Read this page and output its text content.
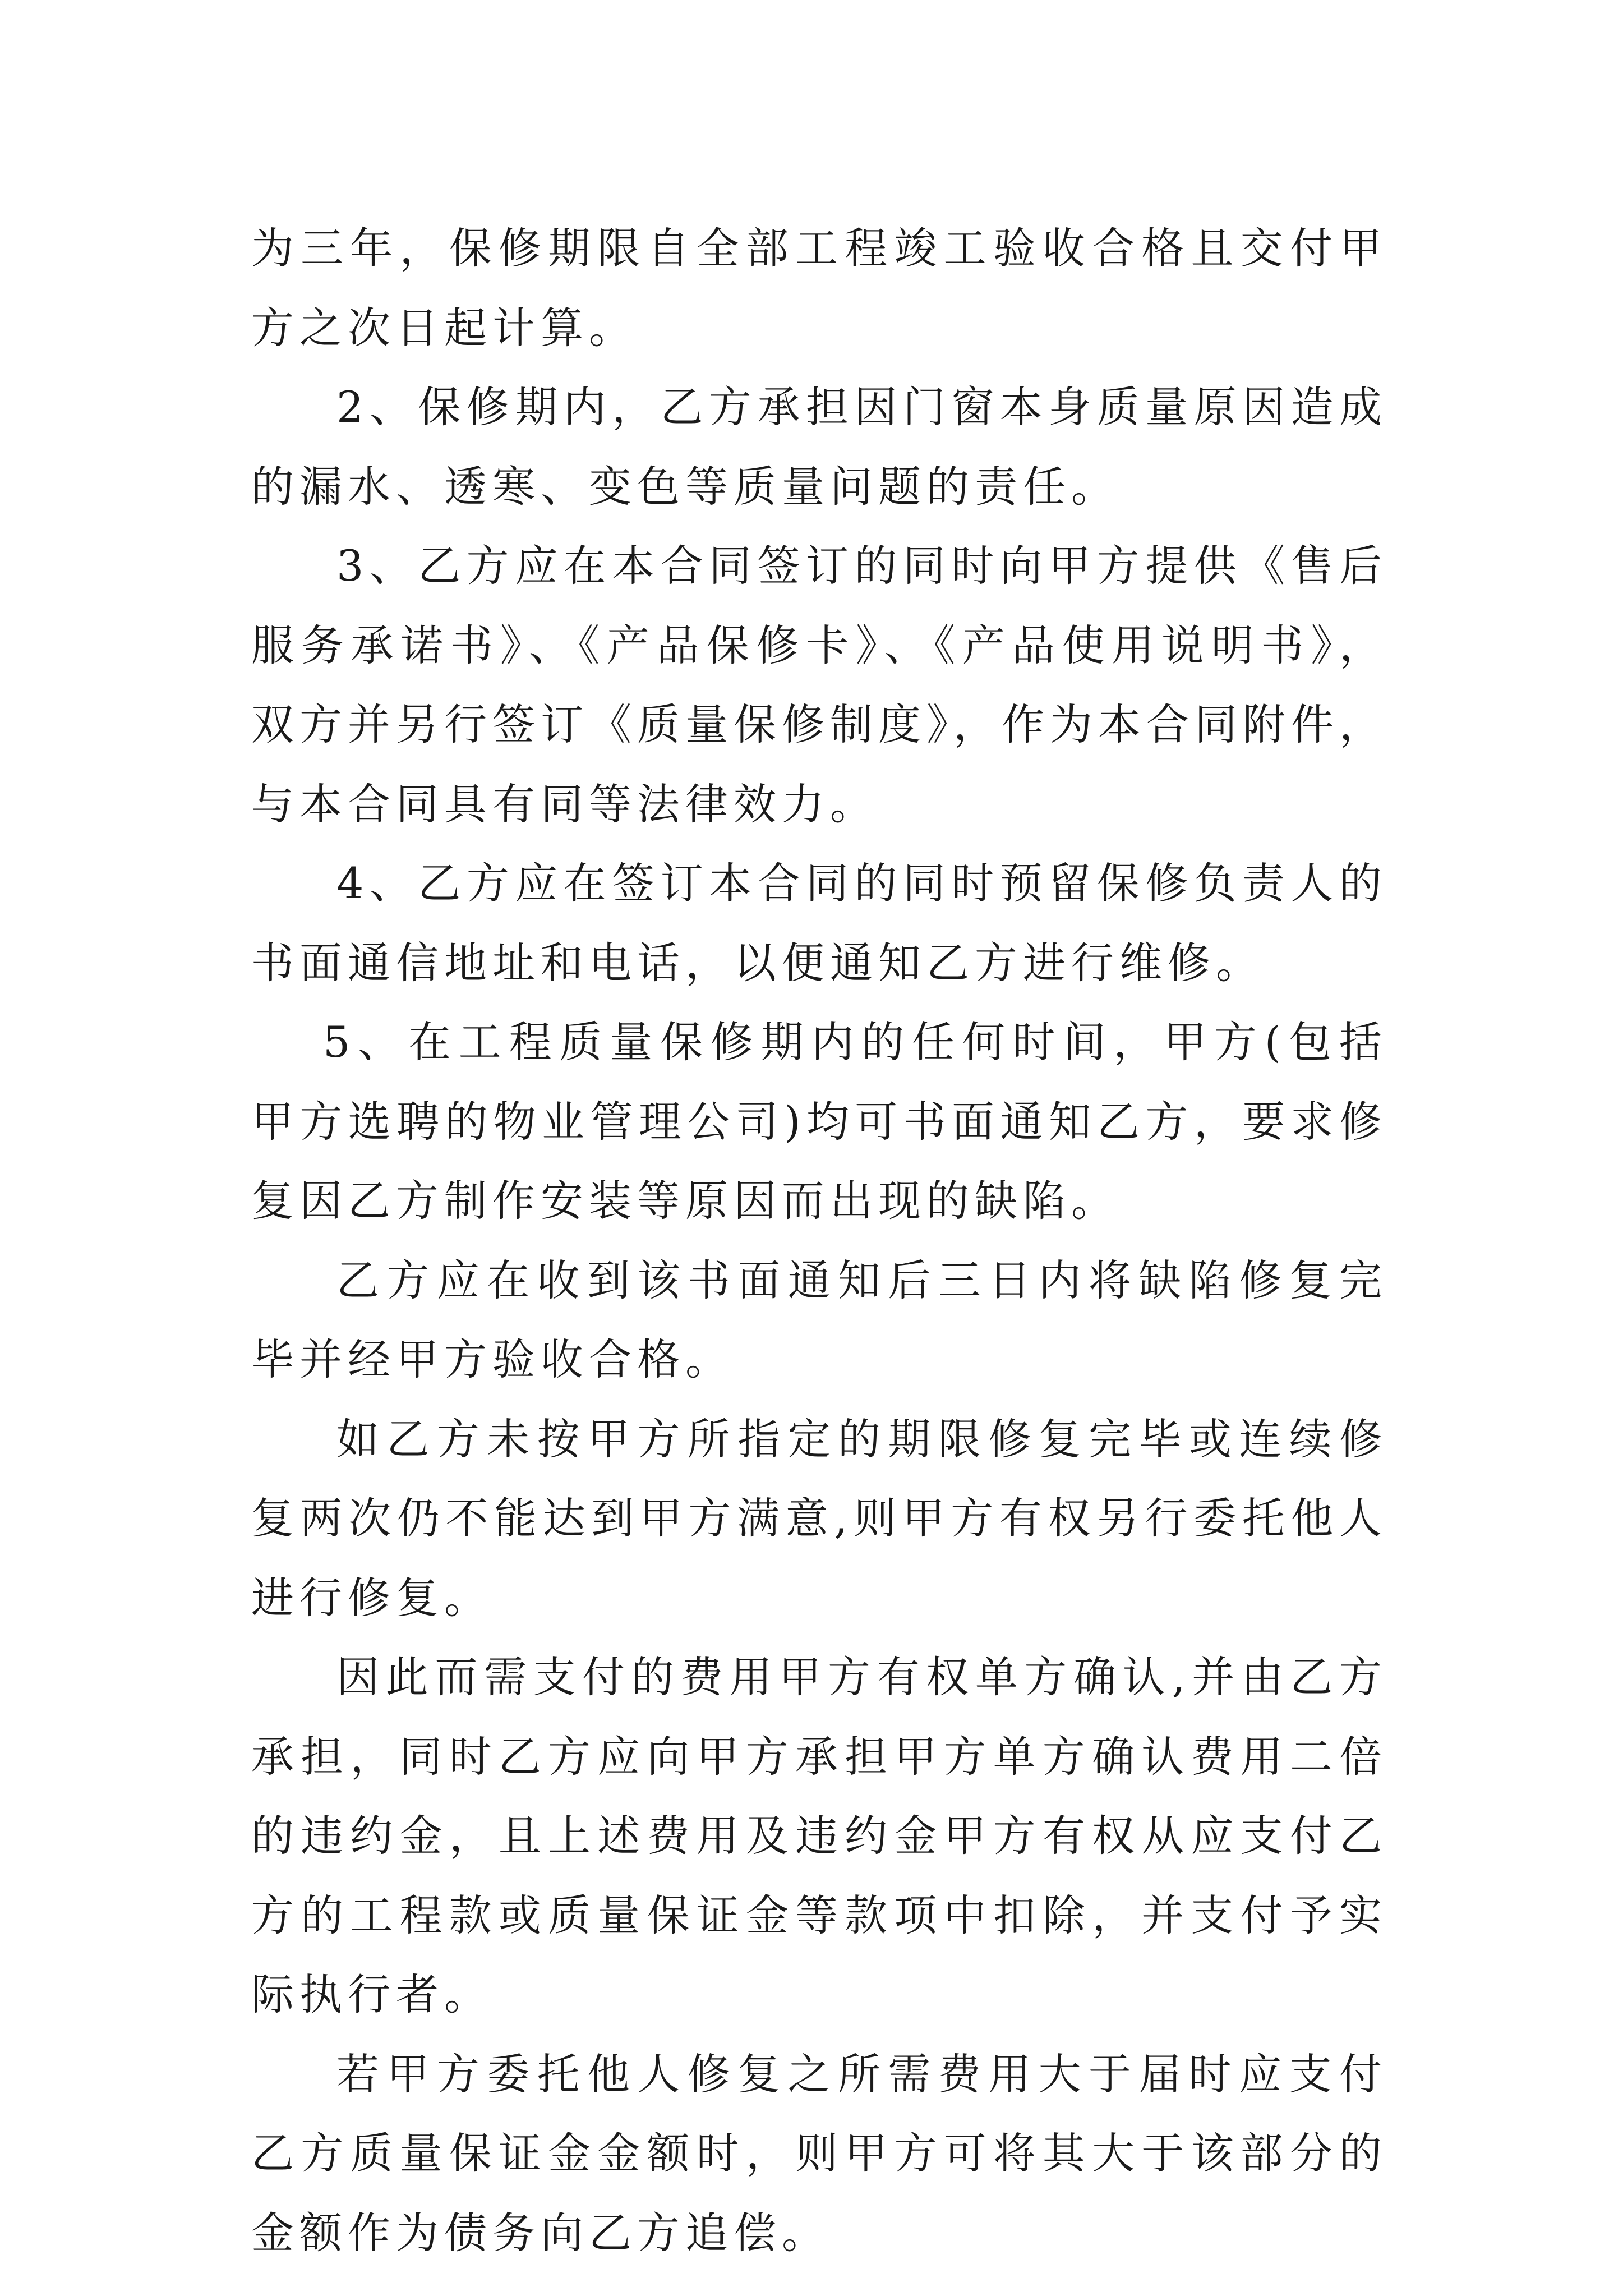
为三年，保修期限自全部工程竣工验收合格且交付甲方之次日起计算。

2、保修期内，乙方承担因门窗本身质量原因造成的漏水、透寒、变色等质量问题的责任。

3、乙方应在本合同签订的同时向甲方提供《售后服务承诺书》、《产品保修卡》、《产品使用说明书》，双方并另行签订《质量保修制度》，作为本合同附件，与本合同具有同等法律效力。

4、乙方应在签订本合同的同时预留保修负责人的书面通信地址和电话，以便通知乙方进行维修。

5、在工程质量保修期内的任何时间，甲方(包括甲方选聘的物业管理公司)均可书面通知乙方，要求修复因乙方制作安装等原因而出现的缺陷。

乙方应在收到该书面通知后三日内将缺陷修复完毕并经甲方验收合格。

如乙方未按甲方所指定的期限修复完毕或连续修复两次仍不能达到甲方满意,则甲方有权另行委托他人进行修复。

因此而需支付的费用甲方有权单方确认,并由乙方承担，同时乙方应向甲方承担甲方单方确认费用二倍的违约金，且上述费用及违约金甲方有权从应支付乙方的工程款或质量保证金等款项中扣除，并支付予实际执行者。

若甲方委托他人修复之所需费用大于届时应支付乙方质量保证金金额时，则甲方可将其大于该部分的金额作为债务向乙方追偿。
